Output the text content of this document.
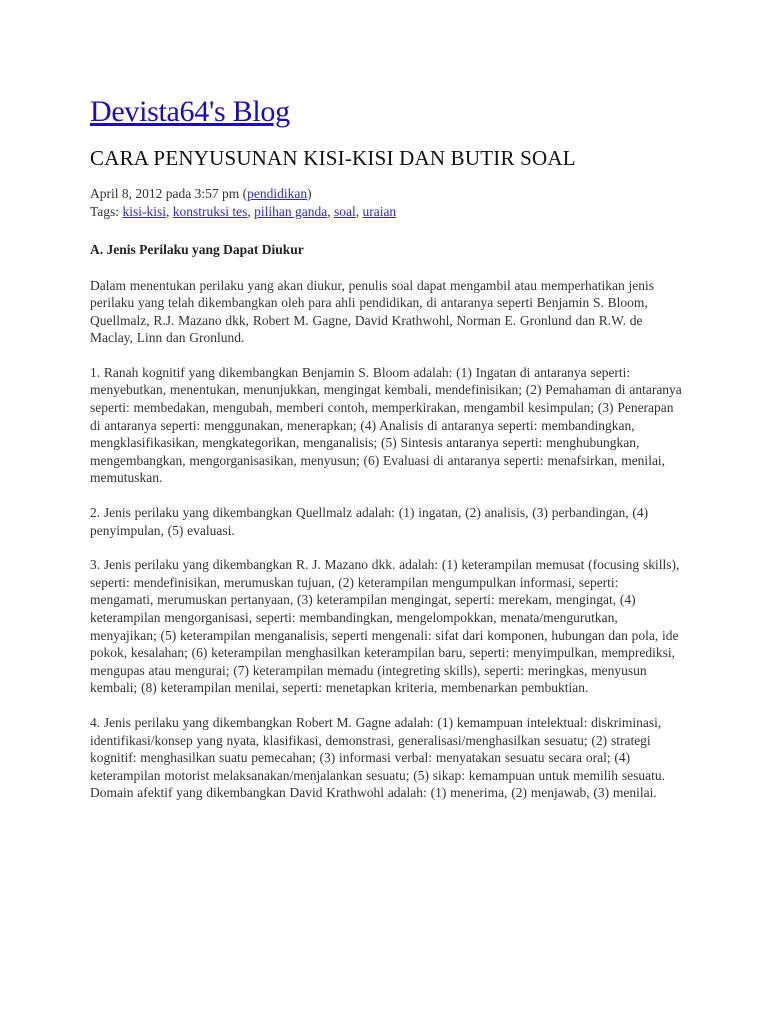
Devista64's Blog
CARA PENYUSUNAN KISI-KISI DAN BUTIR SOAL
April 8, 2012 pada 3:57 pm (pendidikan)
Tags: kisi-kisi, konstruksi tes, pilihan ganda, soal, uraian
A. Jenis Perilaku yang Dapat Diukur
Dalam menentukan perilaku yang akan diukur, penulis soal dapat mengambil atau memperhatikan jenis perilaku yang telah dikembangkan oleh para ahli pendidikan, di antaranya seperti Benjamin S. Bloom, Quellmalz, R.J. Mazano dkk, Robert M. Gagne, David Krathwohl, Norman E. Gronlund dan R.W. de Maclay, Linn dan Gronlund.
1. Ranah kognitif yang dikembangkan Benjamin S. Bloom adalah: (1) Ingatan di antaranya seperti: menyebutkan, menentukan, menunjukkan, mengingat kembali, mendefinisikan; (2) Pemahaman di antaranya seperti: membedakan, mengubah, memberi contoh, memperkirakan, mengambil kesimpulan; (3) Penerapan di antaranya seperti: menggunakan, menerapkan; (4) Analisis di antaranya seperti: membandingkan, mengklasifikasikan, mengkategorikan, menganalisis; (5) Sintesis antaranya seperti: menghubungkan, mengembangkan, mengorganisasikan, menyusun; (6) Evaluasi di antaranya seperti: menafsirkan, menilai, memutuskan.
2. Jenis perilaku yang dikembangkan Quellmalz adalah: (1) ingatan, (2) analisis, (3) perbandingan, (4) penyimpulan, (5) evaluasi.
3. Jenis perilaku yang dikembangkan R. J. Mazano dkk. adalah: (1) keterampilan memusat (focusing skills), seperti: mendefinisikan, merumuskan tujuan, (2) keterampilan mengumpulkan informasi, seperti: mengamati, merumuskan pertanyaan, (3) keterampilan mengingat, seperti: merekam, mengingat, (4) keterampilan mengorganisasi, seperti: membandingkan, mengelompokkan, menata/mengurutkan, menyajikan; (5) keterampilan menganalisis, seperti mengenali: sifat dari komponen, hubungan dan pola, ide pokok, kesalahan; (6) keterampilan menghasilkan keterampilan baru, seperti: menyimpulkan, memprediksi, mengupas atau mengurai; (7) keterampilan memadu (integreting skills), seperti: meringkas, menyusun kembali; (8) keterampilan menilai, seperti: menetapkan kriteria, membenarkan pembuktian.
4. Jenis perilaku yang dikembangkan Robert M. Gagne adalah: (1) kemampuan intelektual: diskriminasi, identifikasi/konsep yang nyata, klasifikasi, demonstrasi, generalisasi/menghasilkan sesuatu; (2) strategi kognitif: menghasilkan suatu pemecahan; (3) informasi verbal: menyatakan sesuatu secara oral; (4) keterampilan motorist melaksanakan/menjalankan sesuatu; (5) sikap: kemampuan untuk memilih sesuatu. Domain afektif yang dikembangkan David Krathwohl adalah: (1) menerima, (2) menjawab, (3) menilai.
